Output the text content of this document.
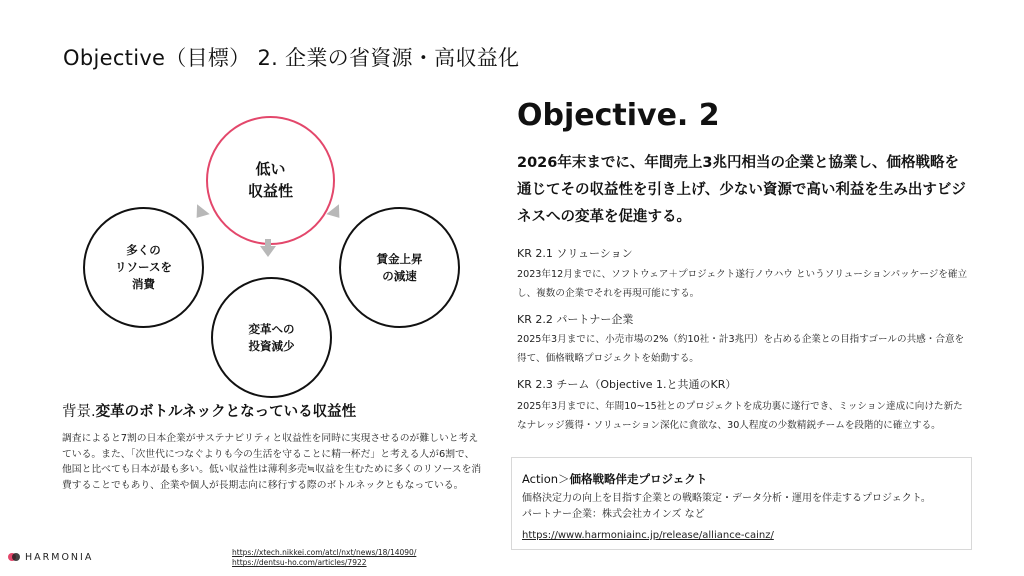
Objective（目標） 2. 企業の省資源・高収益化
低い
収益性
多くの
リソースを
消費
賃金上昇
の減速
変革への
投資減少
背景.変革のボトルネックとなっている収益性

調査によると7割の日本企業がサステナビリティと収益性を同時に実現させるのが難しいと考えている。また、「次世代につなぐよりも今の生活を守ることに精一杯だ」と考える人が6割で、他国と比べても日本が最も多い。低い収益性は薄利多売≒収益を生むために多くのリソースを消費することでもあり、企業や個人が長期志向に移行する際のボトルネックともなっている。

Objective. 2

2026年末までに、年間売上3兆円相当の企業と協業し、価格戦略を通じてその収益性を引き上げ、少ない資源で高い利益を生み出すビジネスへの変革を促進する。

KR 2.1 ソリューション

2023年12月までに、ソフトウェア＋プロジェクト遂行ノウハウ というソリューションパッケージを確立し、複数の企業でそれを再現可能にする。

KR 2.2 パートナー企業

2025年3月までに、小売市場の2%（約10社・計3兆円）を占める企業との目指すゴールの共感・合意を得て、価格戦略プロジェクトを始動する。

KR 2.3 チーム（Objective 1.と共通のKR）

2025年3月までに、年間10~15社とのプロジェクトを成功裏に遂行でき、ミッション達成に向けた新たなナレッジ獲得・ソリューション深化に貪欲な、30人程度の少数精鋭チームを段階的に確立する。

Action＞価格戦略伴走プロジェクト
価格決定力の向上を目指す企業との戦略策定・データ分析・運用を伴走するプロジェクト。
パートナー企業：株式会社カインズ など
https://www.harmoniainc.jp/release/alliance-cainz/
https://xtech.nikkei.com/atcl/nxt/news/18/14090/
https://dentsu-ho.com/articles/7922
HARMONIA
